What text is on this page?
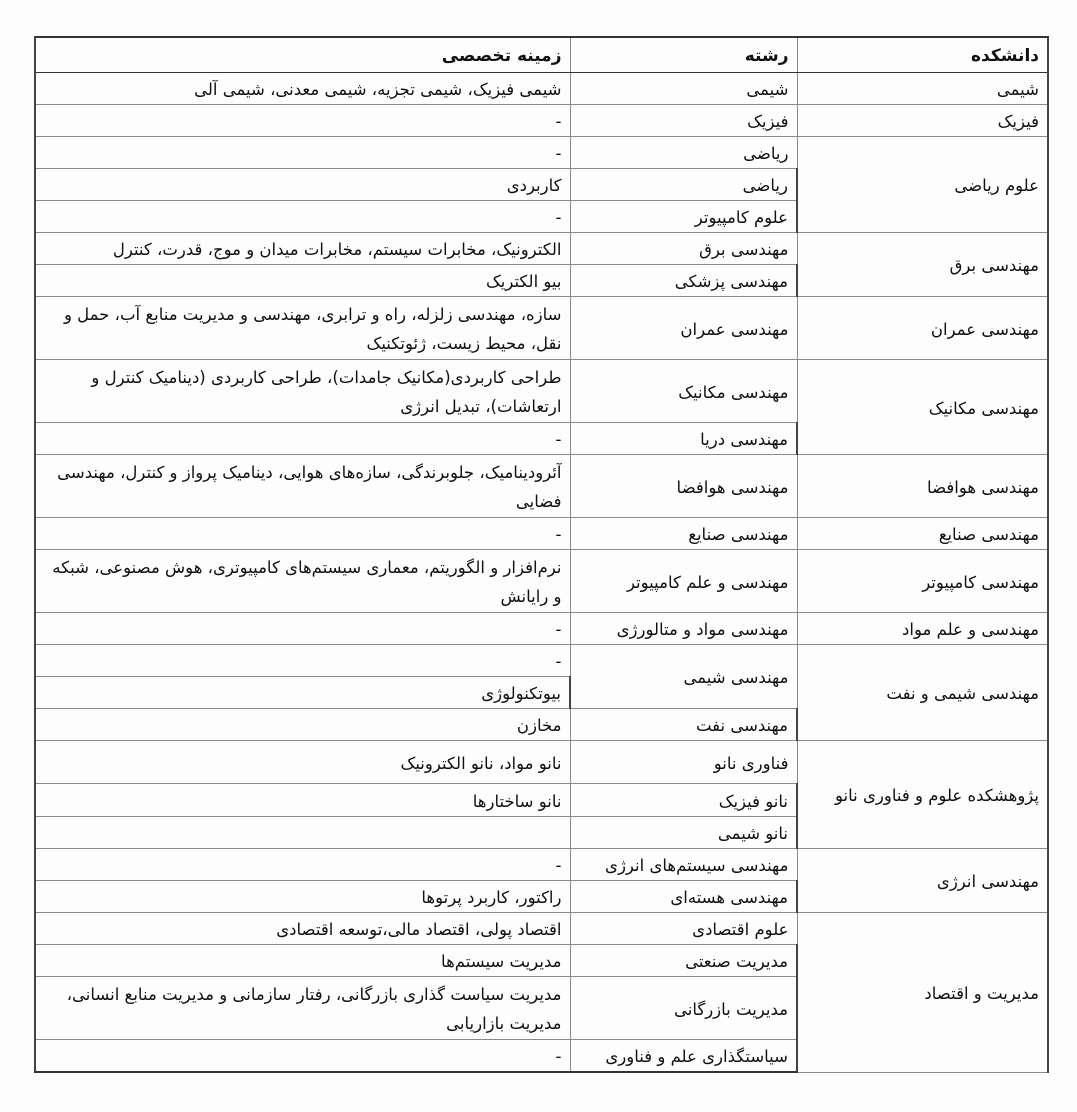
دانشکده	رشته	زمینه تخصصی
شیمی	شیمی	شیمی فیزیک، شیمی تجزیه، شیمی معدنی، شیمی آلی
فیزیک	فیزیک	-
علوم ریاضی	ریاضی	-
	ریاضی	کاربردی
	علوم کامپیوتر	-
مهندسی برق	مهندسی برق	الکترونیک، مخابرات سیستم، مخابرات میدان و موج، قدرت، کنترل
	مهندسی پزشکی	بیو الکتریک
مهندسی عمران	مهندسی عمران	سازه، مهندسی زلزله، راه و ترابری، مهندسی و مدیریت منابع آب، حمل و نقل، محیط زیست، ژئوتکنیک
مهندسی مکانیک	مهندسی مکانیک	طراحی کاربردی(مکانیک جامدات)، طراحی کاربردی (دینامیک کنترل و ارتعاشات)، تبدیل انرژی
	مهندسی دریا	-
مهندسی هوافضا	مهندسی هوافضا	آئرودینامیک، جلوبرندگی، سازه‌های هوایی، دینامیک پرواز و کنترل، مهندسی فضایی
مهندسی صنایع	مهندسی صنایع	-
مهندسی کامپیوتر	مهندسی و علم کامپیوتر	نرم‌افزار و الگوریتم، معماری سیستم‌های کامپیوتری، هوش مصنوعی، شبکه و رایانش
مهندسی و علم مواد	مهندسی مواد و متالورژی	-
مهندسی شیمی و نفت	مهندسی شیمی	-
		بیوتکنولوژی
	مهندسی نفت	مخازن
پژوهشکده علوم و فناوری نانو	فناوری نانو	نانو مواد، نانو الکترونیک
	نانو فیزیک	نانو ساختارها
	نانو شیمی	
مهندسی انرژی	مهندسی سیستم‌های انرژی	-
	مهندسی هسته‌ای	راکتور، کاربرد پرتوها
مدیریت و اقتصاد	علوم اقتصادی	اقتصاد پولی، اقتصاد مالی،توسعه اقتصادی
	مدیریت صنعتی	مدیریت سیستم‌ها
	مدیریت بازرگانی	مدیریت سیاست گذاری بازرگانی، رفتار سازمانی و مدیریت منابع انسانی، مدیریت بازاریابی
	سیاستگذاری علم و فناوری	-
